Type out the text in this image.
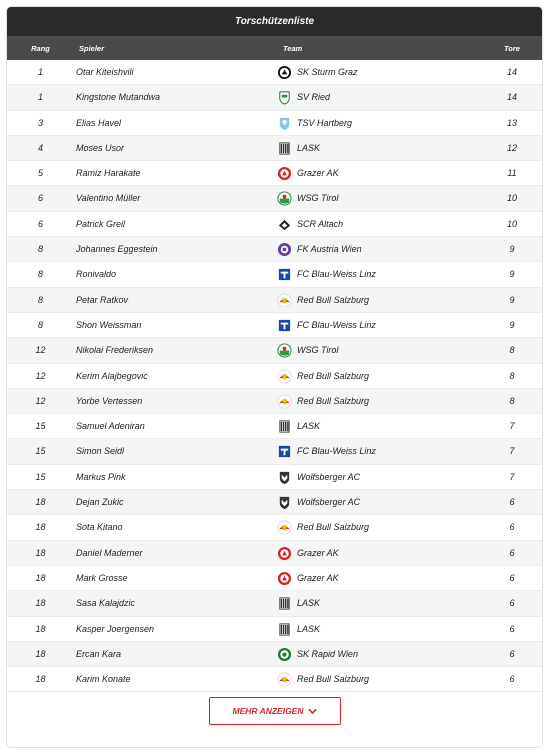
Torschützenliste
Rang	Spieler	Team	Tore
1	Otar Kiteishvili	SK Sturm Graz	14
1	Kingstone Mutandwa	SV Ried	14
3	Elias Havel	TSV Hartberg	13
4	Moses Usor	LASK	12
5	Ramiz Harakate	Grazer AK	11
6	Valentino Müller	WSG Tirol	10
6	Patrick Greil	SCR Altach	10
8	Johannes Eggestein	FK Austria Wien	9
8	Ronivaldo	FC Blau-Weiss Linz	9
8	Petar Ratkov	Red Bull Salzburg	9
8	Shon Weissman	FC Blau-Weiss Linz	9
12	Nikolai Frederiksen	WSG Tirol	8
12	Kerim Alajbegovic	Red Bull Salzburg	8
12	Yorbe Vertessen	Red Bull Salzburg	8
15	Samuel Adeniran	LASK	7
15	Simon Seidl	FC Blau-Weiss Linz	7
15	Markus Pink	Wolfsberger AC	7
18	Dejan Zukic	Wolfsberger AC	6
18	Sota Kitano	Red Bull Salzburg	6
18	Daniel Maderner	Grazer AK	6
18	Mark Grosse	Grazer AK	6
18	Sasa Kalajdzic	LASK	6
18	Kasper Joergensen	LASK	6
18	Ercan Kara	SK Rapid Wien	6
18	Karim Konate	Red Bull Salzburg	6
MEHR ANZEIGEN
